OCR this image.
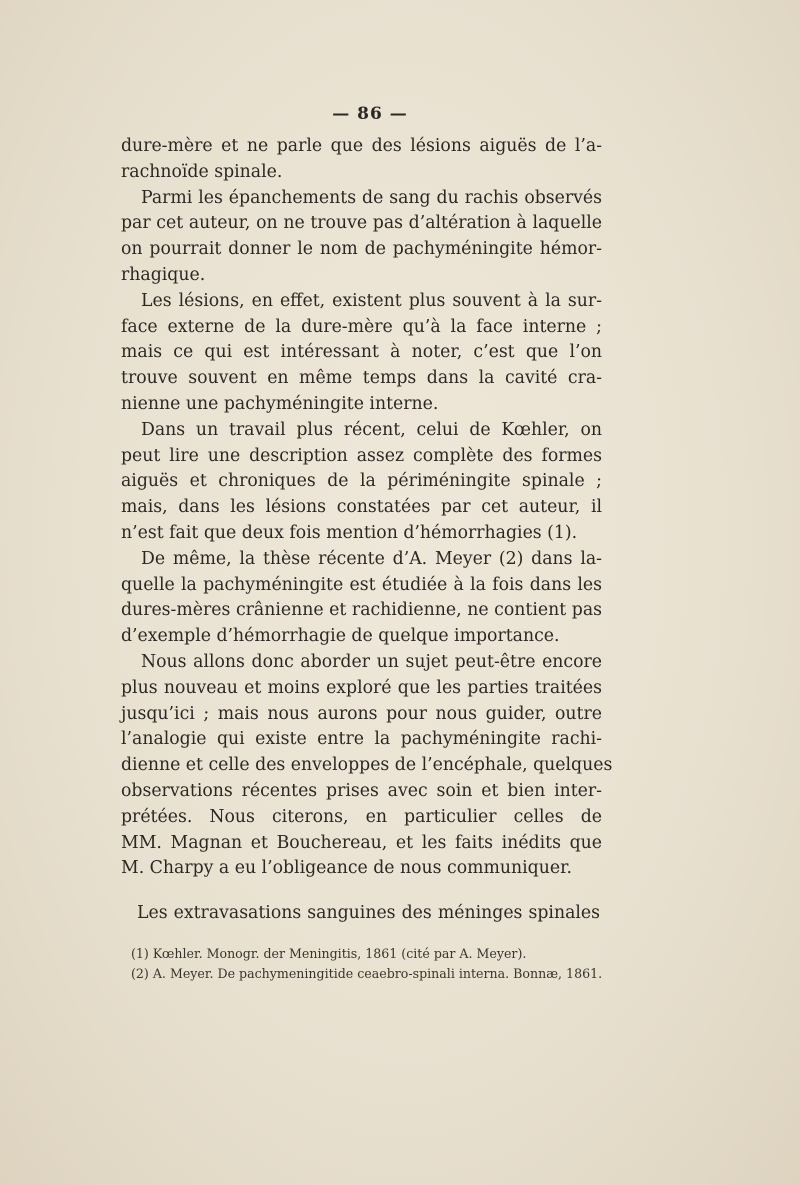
— 86 —
dure-mère et ne parle que des lésions aiguës de l’a-
rachnoïde spinale.
Parmi les épanchements de sang du rachis observés
par cet auteur, on ne trouve pas d’altération à laquelle
on pourrait donner le nom de pachyméningite hémor-
rhagique.
Les lésions, en effet, existent plus souvent à la sur-
face externe de la dure-mère qu’à la face interne ;
mais ce qui est intéressant à noter, c’est que l’on
trouve souvent en même temps dans la cavité cra-
nienne une pachyméningite interne.
Dans un travail plus récent, celui de Kœhler, on
peut lire une description assez complète des formes
aiguës et chroniques de la périméningite spinale ;
mais, dans les lésions constatées par cet auteur, il
n’est fait que deux fois mention d’hémorrhagies (1).
De même, la thèse récente d’A. Meyer (2) dans la-
quelle la pachyméningite est étudiée à la fois dans les
dures-mères crânienne et rachidienne, ne contient pas
d’exemple d’hémorrhagie de quelque importance.
Nous allons donc aborder un sujet peut-être encore
plus nouveau et moins exploré que les parties traitées
jusqu’ici ; mais nous aurons pour nous guider, outre
l’analogie qui existe entre la pachyméningite rachi-
dienne et celle des enveloppes de l’encéphale, quelques
observations récentes prises avec soin et bien inter-
prétées. Nous citerons, en particulier celles de
MM. Magnan et Bouchereau, et les faits inédits que
M. Charpy a eu l’obligeance de nous communiquer.
Les extravasations sanguines des méninges spinales
(1) Kœhler. Monogr. der Meningitis, 1861 (cité par A. Meyer).
(2) A. Meyer. De pachymeningitide ceaebro-spinali interna. Bonnæ, 1861.
